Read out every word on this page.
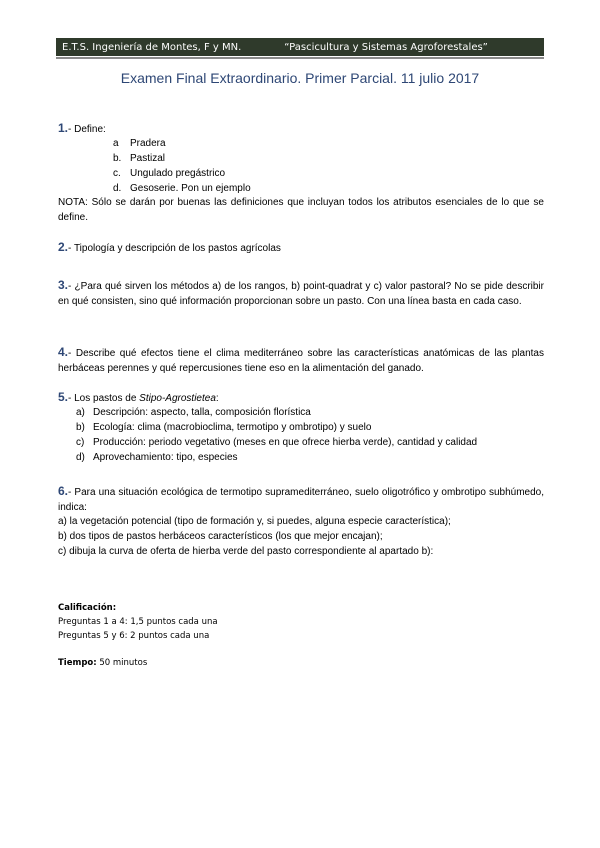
E.T.S. Ingeniería de Montes, F y MN.	“Pascicultura y Sistemas Agroforestales”
Examen Final Extraordinario. Primer Parcial. 11 julio 2017
1.- Define:
a	Pradera
b. Pastizal
c. Ungulado pregástrico
d. Gesoserie. Pon un ejemplo
NOTA: Sólo se darán por buenas las definiciones que incluyan todos los atributos esenciales de lo que se define.
2.- Tipología y descripción de los pastos agrícolas
3.- ¿Para qué sirven los métodos a) de los rangos, b) point-quadrat y c) valor pastoral? No se pide describir en qué consisten, sino qué información proporcionan sobre un pasto. Con una línea basta en cada caso.
4.- Describe qué efectos tiene el clima mediterráneo sobre las características anatómicas de las plantas herbáceas perennes y qué repercusiones tiene eso en la alimentación del ganado.
5.- Los pastos de Stipo-Agrostietea:
a) Descripción: aspecto, talla, composición florística
b) Ecología: clima (macrobioclima, termotipo y ombrotipo) y suelo
c) Producción: periodo vegetativo (meses en que ofrece hierba verde), cantidad y calidad
d) Aprovechamiento: tipo, especies
6.- Para una situación ecológica de termotipo supramediterráneo, suelo oligotrófico y ombrotipo subhúmedo, indica:
a) la vegetación potencial (tipo de formación y, si puedes, alguna especie característica);
b) dos tipos de pastos herbáceos característicos (los que mejor encajan);
c) dibuja la curva de oferta de hierba verde del pasto correspondiente al apartado b):
Calificación:
Preguntas 1 a 4: 1,5 puntos cada una
Preguntas 5 y 6: 2 puntos cada una
Tiempo: 50 minutos
